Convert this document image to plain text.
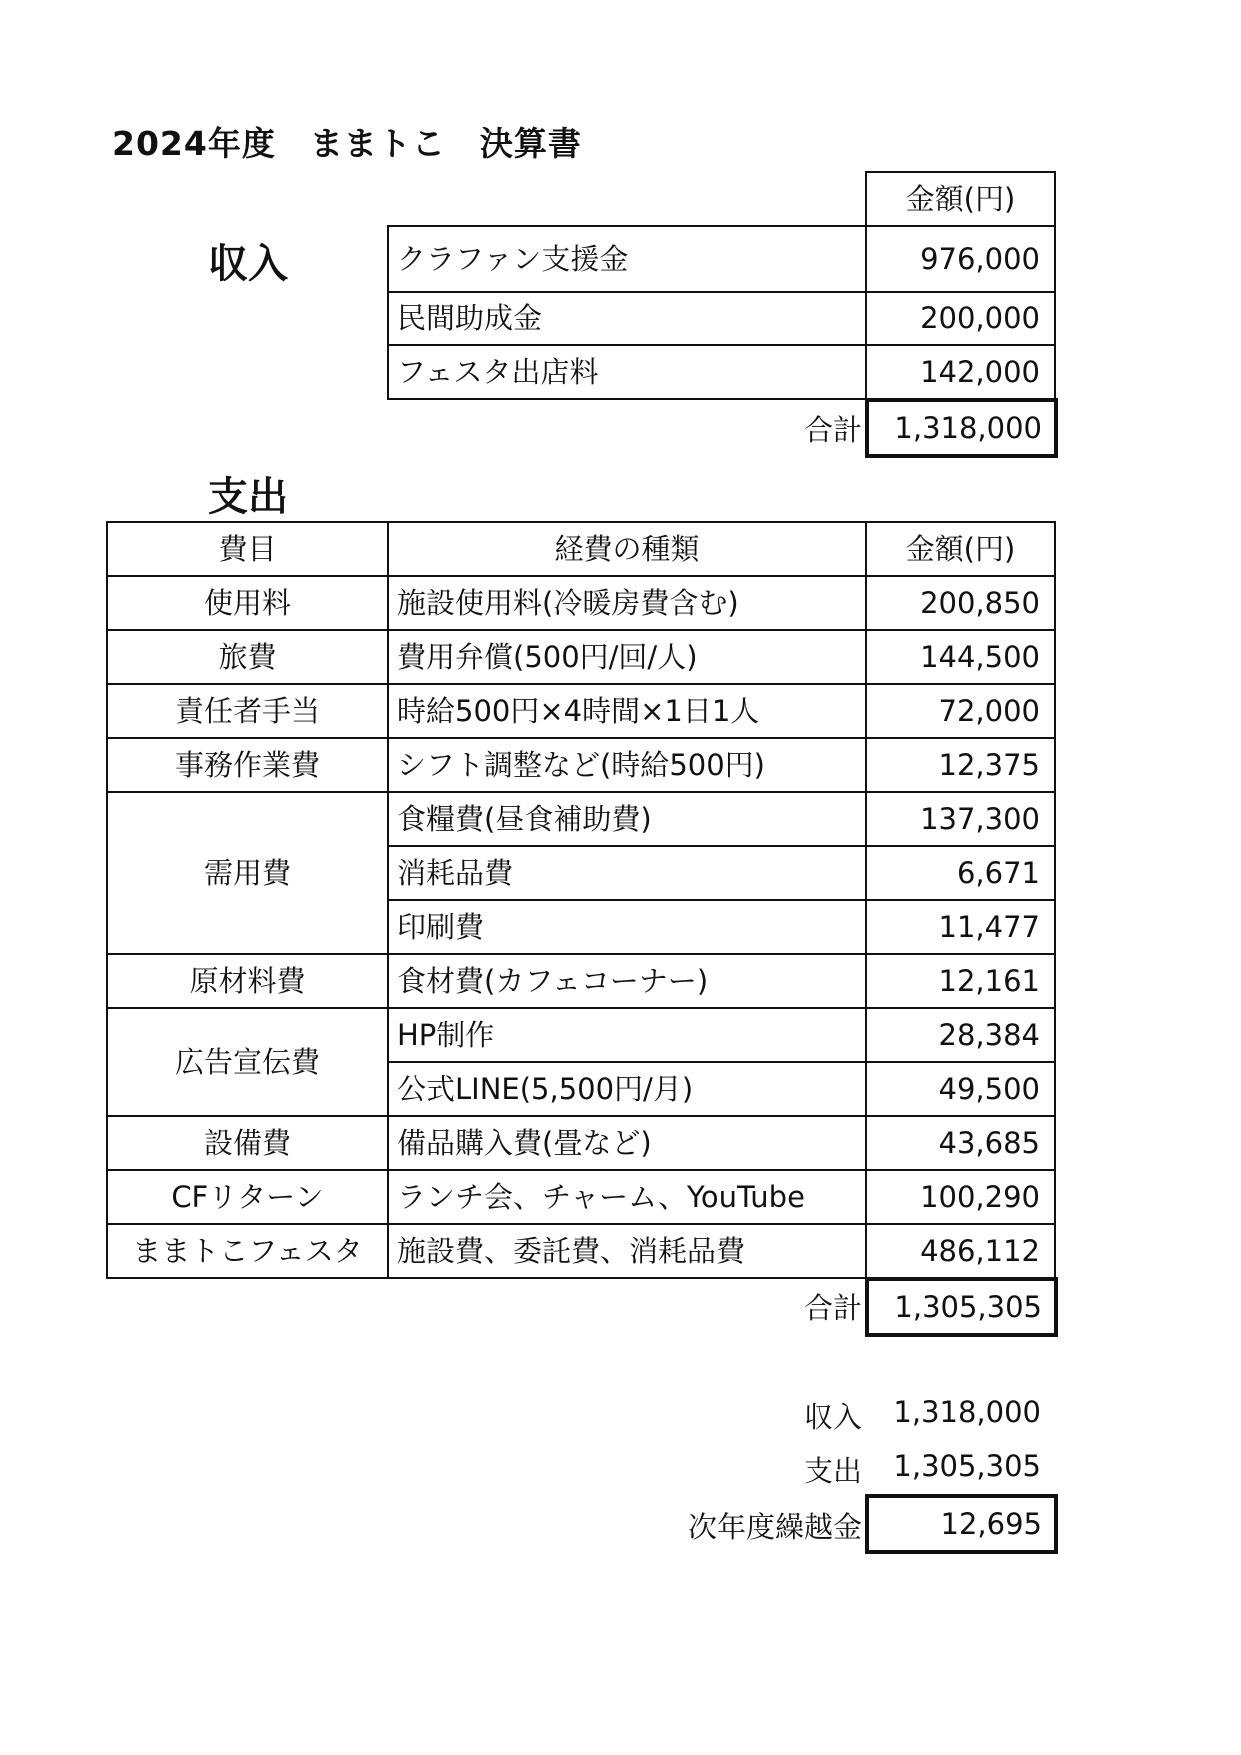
2024年度　ままトこ　決算書
収入
金額(円)
クラファン支援金	976,000
民間助成金	200,000
フェスタ出店料	142,000
合計	1,318,000
支出
費目	経費の種類	金額(円)
使用料	施設使用料(冷暖房費含む)	200,850
旅費	費用弁償(500円/回/人)	144,500
責任者手当	時給500円×4時間×1日1人	72,000
事務作業費	シフト調整など(時給500円)	12,375
需用費
食糧費(昼食補助費)	137,300
消耗品費	6,671
印刷費	11,477
原材料費	食材費(カフェコーナー)	12,161
広告宣伝費
HP制作	28,384
公式LINE(5,500円/月)	49,500
設備費	備品購入費(畳など)	43,685
CFリターン	ランチ会、チャーム、YouTube	100,290
ままトこフェスタ	施設費、委託費、消耗品費	486,112
合計	1,305,305
収入 1,318,000
支出 1,305,305
次年度繰越金	12,695
